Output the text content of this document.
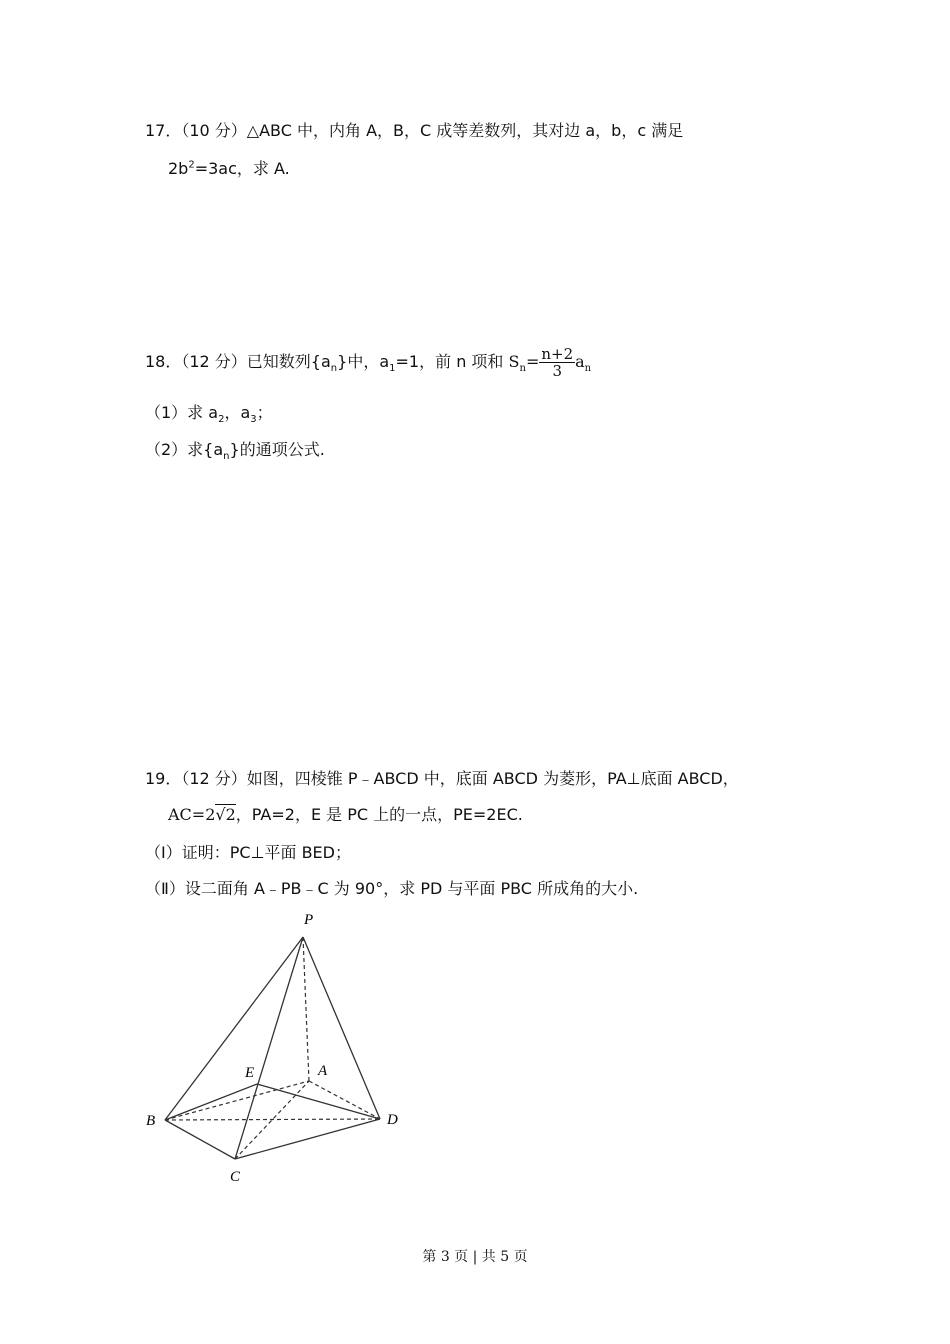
17．（10 分）△ABC 中，内角 A，B，C 成等差数列，其对边 a，b，c 满足
$2b^2=3ac$，求 A.
18．（12 分）已知数列$\{a_n\}$中，$a_1=1$，前 n 项和 $S_n= \frac{n+2}{3} a_n$
（1）求 $a_2$，$a_3$；
（2）求$\{a_n\}$的通项公式.
19．（12 分）如图，四棱锥 P﹣ABCD 中，底面 ABCD 为菱形，PA⊥底面 ABCD，
AC=2√2，PA=2，E 是 PC 上的一点，PE=2EC.
（Ⅰ）证明：PC⊥平面 BED；
（Ⅱ）设二面角 A﹣PB﹣C 为 90°，求 PD 与平面 PBC 所成角的大小.
P
A
B
C
D
E
第 3 页 | 共 5 页
